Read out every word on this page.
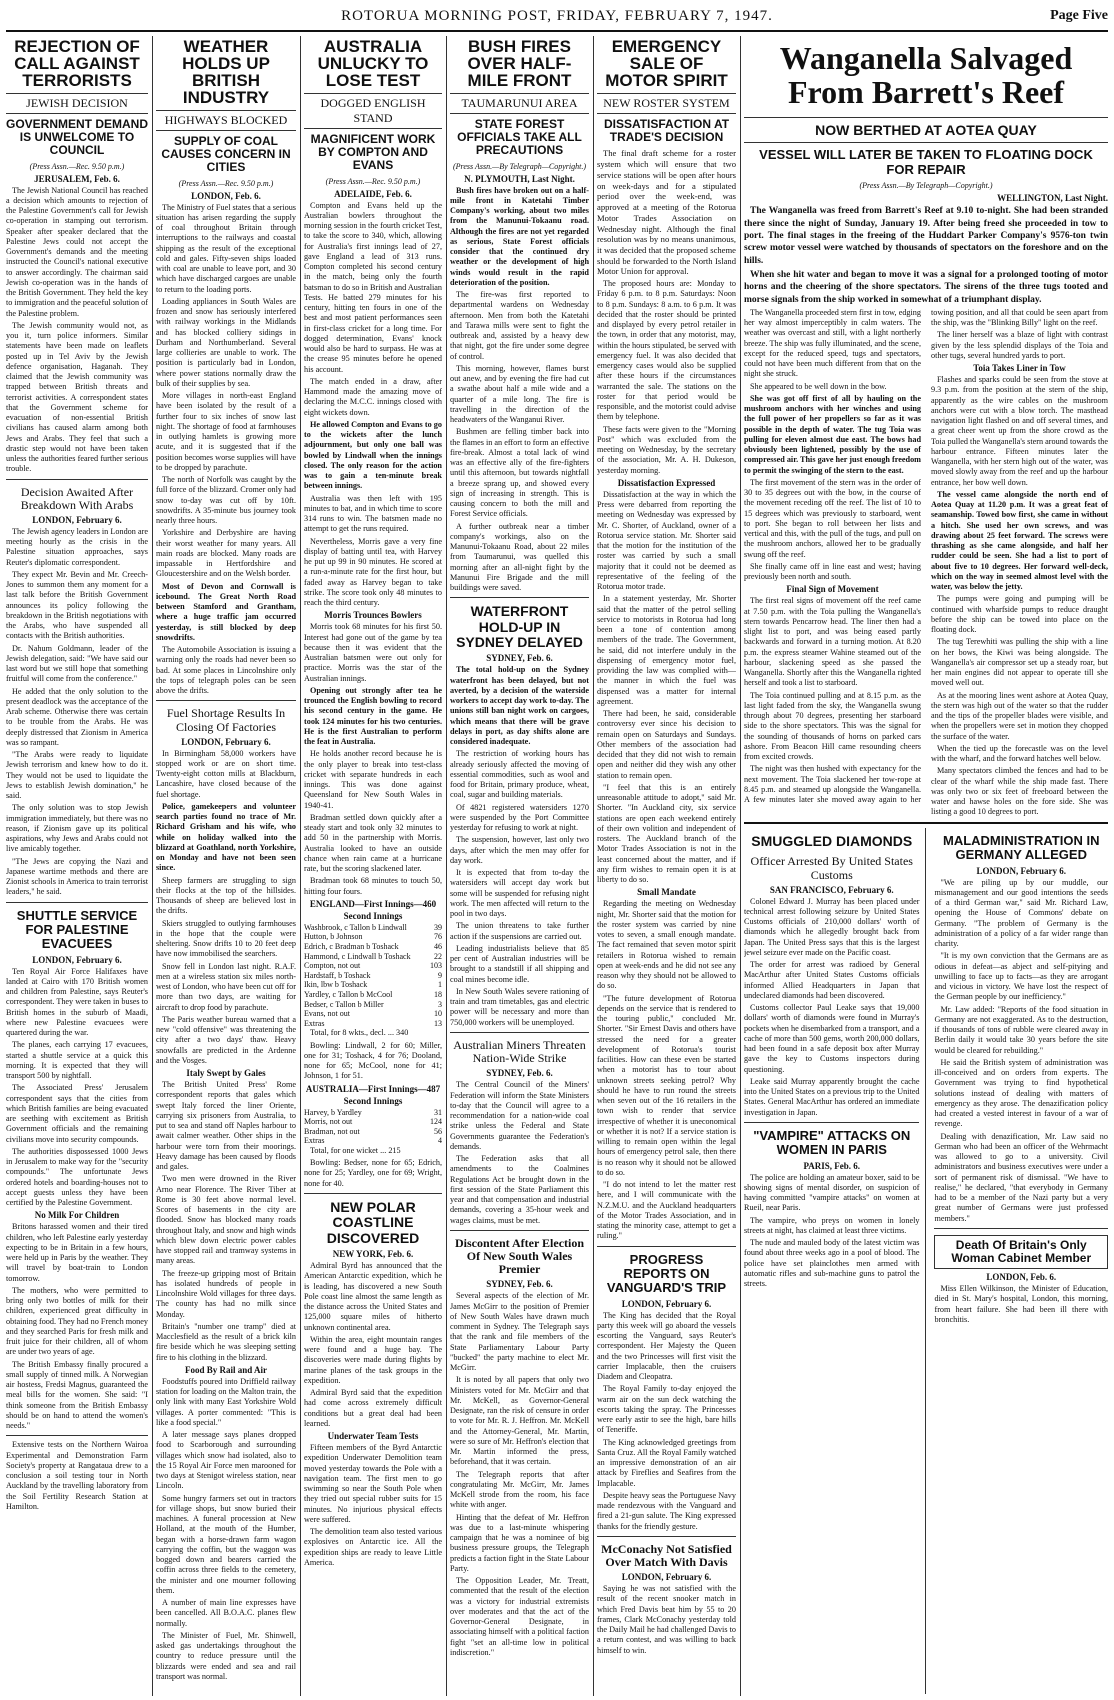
ROTORUA MORNING POST, FRIDAY, FEBRUARY 7, 1947.	Page Five
REJECTION OF CALL AGAINST TERRORISTS
JEWISH DECISION
GOVERNMENT DEMAND IS UNWELCOME TO COUNCIL
(Press Assn.—Rec. 9.50 p.m.)
JERUSALEM, Feb. 6.

The Jewish National Council has reached a decision which amounts to rejection of the Palestine Government's call for Jewish co-operation in stamping out terrorism. Speaker after speaker declared that the Palestine Jews could not accept the Government's demands and the meeting instructed the Council's national executive to answer accordingly. The chairman said Jewish co-operation was in the hands of the British Government. They held the key to immigration and the peaceful solution of the Palestine problem.

The Jewish community would not, as you it, turn police informers. Similar statements have been made on leaflets posted up in Tel Aviv by the Jewish defence organisation, Haganah. They claimed that the Jewish community was trapped between British threats and terrorist activities. A correspondent states that the Government scheme for evacuation of non-essential British civilians has caused alarm among both Jews and Arabs. They feel that such a drastic step would not have been taken unless the authorities feared further serious trouble.

Decision Awaited After Breakdown With Arabs
LONDON, February 6.

The Jewish agency leaders in London are meeting hourly as the crisis in the Palestine situation approaches, says Reuter's diplomatic correspondent.

They expect Mr. Bevin and Mr. Creech-Jones to summon them any moment for a last talk before the British Government announces its policy following the breakdown in the British negotiations with the Arabs, who have suspended all contacts with the British authorities.

Dr. Nahum Goldmann, leader of the Jewish delegation, said: "We have said our last word but we still hope that something fruitful will come from the conference."

He added that the only solution to the present deadlock was the acceptance of the Arab scheme. Otherwise there was certain to be trouble from the Arabs. He was deeply distressed that Zionism in America was so rampant.

"The Arabs were ready to liquidate Jewish terrorism and knew how to do it. They would not be used to liquidate the Jews to establish Jewish domination," he said.

The only solution was to stop Jewish immigration immediately, but there was no reason, if Zionism gave up its political aspirations, why Jews and Arabs could not live amicably together.

"The Jews are copying the Nazi and Japanese wartime methods and there are Zionist schools in America to train terrorist leaders," he said.

SHUTTLE SERVICE FOR PALESTINE EVACUEES
LONDON, February 6.

Ten Royal Air Force Halifaxes have landed at Cairo with 170 British women and children from Palestine, says Reuter's correspondent. They were taken in buses to British homes in the suburb of Maadi, where new Palestine evacuees were quartered during the war.

The planes, each carrying 17 evacuees, started a shuttle service at a quick this morning. It is expected that they will transport 500 by nightfall.

The Associated Press' Jerusalem correspondent says that the cities from which British families are being evacuated are seething with excitement as British Government officials and the remaining civilians move into security compounds.

The authorities dispossessed 1000 Jews in Jerusalem to make way for the "security compounds." The unfortunate Jews ordered hotels and boarding-houses not to accept guests unless they have been certified by the Palestine Government.

No Milk For Children

Britons harassed women and their tired children, who left Palestine early yesterday expecting to be in Britain in a few hours, were held up in Paris by the weather. They will travel by boat-train to London tomorrow.

The mothers, who were permitted to bring only two bottles of milk for their children, experienced great difficulty in obtaining food. They had no French money and they searched Paris for fresh milk and fruit juice for their children, all of whom are under two years of age.

The British Embassy finally procured a small supply of tinned milk. A Norwegian air hostess, Fredsi Magnus, guaranteed the meal bills for the women. She said: "I think someone from the British Embassy should be on hand to attend the women's needs."

Extensive tests on the Northern Wairoa Experimental and Demonstration Farm Society's property at Rangataua drew to a conclusion a soil testing tour in North Auckland by the travelling laboratory from the Soil Fertility Research Station at Hamilton.

WEATHER HOLDS UP BRITISH INDUSTRY
HIGHWAYS BLOCKED
SUPPLY OF COAL CAUSES CONCERN IN CITIES
(Press Assn.—Rec. 9.50 p.m.)
LONDON, Feb. 6.

The Ministry of Fuel states that a serious situation has arisen regarding the supply of coal throughout Britain through interruptions to the railways and coastal shipping as the result of the exceptional cold and gales. Fifty-seven ships loaded with coal are unable to leave port, and 30 which have discharged cargoes are unable to return to the loading ports.

Loading appliances in South Wales are frozen and snow has seriously interfered with railway workings in the Midlands and has blocked colliery sidings in Durham and Northumberland. Several large collieries are unable to work. The position is particularly bad in London, where power stations normally draw the bulk of their supplies by sea.

More villages in north-east England have been isolated by the result of a further four to six inches of snow last night. The shortage of food at farmhouses in outlying hamlets is growing more acute, and it is suggested that if the position becomes worse supplies will have to be dropped by parachute.

The north of Norfolk was caught by the full force of the blizzard. Cromer only had snow to-day was cut off by 10ft. snowdrifts. A 35-minute bus journey took nearly three hours.

Yorkshire and Derbyshire are having their worst weather for many years. All main roads are blocked. Many roads are impassable in Hertfordshire and Gloucestershire and on the Welsh border.

Most of Devon and Cornwall is icebound. The Great North Road between Stamford and Grantham, where a huge traffic jam occurred yesterday, is still blocked by deep snowdrifts.

The Automobile Association is issuing a warning only the roads had never been so bad. At some places in Lincolnshire only the tops of telegraph poles can be seen above the drifts.

Fuel Shortage Results In Closing Of Factories
LONDON, February 6.

In Birmingham 58,000 workers have stopped work or are on short time. Twenty-eight cotton mills at Blackburn, Lancashire, have closed because of the fuel shortage.

Police, gamekeepers and volunteer search parties found no trace of Mr. Richard Grisham and his wife, who while on holiday walked into the blizzard at Goathland, north Yorkshire, on Monday and have not been seen since.

Sheep farmers are struggling to sign their flocks at the top of the hillsides. Thousands of sheep are believed lost in the drifts.

Skiers struggled to outlying farmhouses in the hope that the couple were sheltering. Snow drifts 10 to 20 feet deep have now immobilised the searchers.

Snow fell in London last night. R.A.F. men at a wireless station six miles north-west of London, who have been cut off for more than two days, are waiting for aircraft to drop food by parachute.

The Paris weather bureau warned that a new "cold offensive" was threatening the city after a two days' thaw. Heavy snowfalls are predicted in the Ardenne and the Vosges.

Italy Swept by Gales

The British United Press' Rome correspondent reports that gales which swept Italy forced the liner Oriente, carrying six prisoners from Australia, to put to sea and stand off Naples harbour to await calmer weather. Other ships in the harbour were torn from their moorings. Heavy damage has been caused by floods and gales.

Two men were drowned in the River Arno near Florence. The River Tiber at Rome is 30 feet above normal level. Scores of basements in the city are flooded. Snow has blocked many roads throughout Italy, and snow and high winds which blew down electric power cables have stopped rail and tramway systems in many areas.

The freeze-up gripping most of Britain has isolated hundreds of people in Lincolnshire Wold villages for three days. The county has had no milk since Monday.

Britain's "number one tramp" died at Macclesfield as the result of a brick kiln fire beside which he was sleeping setting fire to his clothing in the blizzard.

Food By Rail and Air

Foodstuffs poured into Driffield railway station for loading on the Malton train, the only link with many East Yorkshire Wold villages. A porter commented: "This is like a food special."

A later message says planes dropped food to Scarborough and surrounding villages which snow had isolated, also to the 15 Royal Air Force men marooned for two days at Stenigot wireless station, near Lincoln.

Some hungry farmers set out in tractors for village shops, but snow buried their machines. A funeral procession at New Holland, at the mouth of the Humber, began with a horse-drawn farm wagon carrying the coffin, but the waggon was bogged down and bearers carried the coffin across three fields to the cemetery, the minister and one mourner following them.

A number of main line expresses have been cancelled. All B.O.A.C. planes flew normally.

The Minister of Fuel, Mr. Shinwell, asked gas undertakings throughout the country to reduce pressure until the blizzards were ended and sea and rail transport was normal.

AUSTRALIA UNLUCKY TO LOSE TEST
DOGGED ENGLISH STAND
MAGNIFICENT WORK BY COMPTON AND EVANS
(Press Assn.—Rec. 9.50 p.m.)
ADELAIDE, Feb. 6.

Compton and Evans held up the Australian bowlers throughout the morning session in the fourth cricket Test, to take the score to 340, which, allowing for Australia's first innings lead of 27, gave England a lead of 313 runs. Compton completed his second century in the match, being only the fourth batsman to do so in British and Australian Tests. He batted 279 minutes for his century, hitting ten fours in one of the best and most patient performances seen in first-class cricket for a long time. For dogged determination, Evans' knock would also be hard to surpass. He was at the crease 95 minutes before he opened his account.

The match ended in a draw, after Hammond made the amazing move of declaring the M.C.C. innings closed with eight wickets down.

He allowed Compton and Evans to go to the wickets after the lunch adjournment, but only one ball was bowled by Lindwall when the innings closed. The only reason for the action was to gain a ten-minute break between innings.

Australia was then left with 195 minutes to bat, and in which time to score 314 runs to win. The batsmen made no attempt to get the runs required.

Nevertheless, Morris gave a very fine display of batting until tea, with Harvey he put up 99 in 90 minutes. He scored at a run-a-minute rate for the first hour, but faded away as Harvey began to take strike. The score took only 48 minutes to reach the third century.

Morris Trounces Bowlers

Morris took 68 minutes for his first 50. Interest had gone out of the game by tea because then it was evident that the Australian batsmen were out only for practice. Morris was the star of the Australian innings.

Opening out strongly after tea he trounced the English bowling to record his second century in the game. He took 124 minutes for his two centuries. He is the first Australian to perform the feat in Australia.

He holds another record because he is the only player to break into test-class cricket with separate hundreds in each innings. This was done against Queensland for New South Wales in 1940-41.

Bradman settled down quickly after a steady start and took only 32 minutes to add 50 in the partnership with Morris. Australia looked to have an outside chance when rain came at a hurricane rate, but the scoring slackened later.

Bradman took 68 minutes to touch 50, hitting four fours.

ENGLAND—First Innings—460
Second Innings
Washbrook, c Tallon b Lindwall	39
Hutton, b Johnson	76
Edrich, c Bradman b Toshack	46
Hammond, c Lindwall b Toshack	22
Compton, not out	103
Hardstaff, b Toshack	9
Ikin, lbw b Toshack	1
Yardley, c Tallon b McCool	18
Bedser, c Tallon b Miller	3
Evans, not out	10
Extras	13

Total, for 8 wkts., decl. ... 340

Bowling: Lindwall, 2 for 60; Miller, one for 31; Toshack, 4 for 76; Dooland, none for 65; McCool, none for 41; Johnson, 1 for 51.

AUSTRALIA—First Innings—487
Second Innings
Harvey, b Yardley	31
Morris, not out	124
Bradman, not out	56
Extras	4

Total, for one wicket ... 215

Bowling: Bedser, none for 65; Edrich, none for 25; Yardley, one for 69; Wright, none for 40.

NEW POLAR COASTLINE DISCOVERED
NEW YORK, Feb. 6.

Admiral Byrd has announced that the American Antarctic expedition, which he is leading, has discovered a new South Pole coast line almost the same length as the distance across the United States and 125,000 square miles of hitherto unknown continental area.

Within the area, eight mountain ranges were found and a huge bay. The discoveries were made during flights by marine planes of the task groups in the expedition.

Admiral Byrd said that the expedition had come across extremely difficult conditions but a great deal had been learned.

Underwater Team Tests

Fifteen members of the Byrd Antarctic expedition Underwater Demolition team moved yesterday towards the Pole with a navigation team. The first men to go swimming so near the South Pole when they tried out special rubber suits for 15 minutes. No injurious physical effects were suffered.

The demolition team also tested various explosives on Antarctic ice. All the expedition ships are ready to leave Little America.

BUSH FIRES OVER HALF-MILE FRONT
TAUMARUNUI AREA
STATE FOREST OFFICIALS TAKE ALL PRECAUTIONS
(Press Assn.—By Telegraph—Copyright.)
N. PLYMOUTH, Last Night.

Bush fires have broken out on a half-mile front in Katetahi Timber Company's working, about two miles from the Manunui-Tokaanu road. Although the fires are not yet regarded as serious, State Forest officials consider that the continued dry weather or the development of high winds would result in the rapid deterioration of the position.

The fire-was first reported to departmental wardens on Wednesday afternoon. Men from both the Katetahi and Tarawa mills were sent to fight the outbreak and, assisted by a heavy dew that night, got the fire under some degree of control.

This morning, however, flames burst out anew, and by evening the fire had cut a swathe about half a mile wide and a quarter of a mile long. The fire is travelling in the direction of the headwaters of the Wanganui River.

Bushmen are felling timber back into the flames in an effort to form an effective fire-break. Almost a total lack of wind was an effective ally of the fire-fighters until this afternoon, but towards nightfall a breeze sprang up, and showed every sign of increasing in strength. This is causing concern to both the mill and Forest Service officials.

A further outbreak near a timber company's workings, also on the Manunui-Tokaanu Road, about 22 miles from Taumarunui, was quelled this morning after an all-night fight by the Manunui Fire Brigade and the mill buildings were saved.

WATERFRONT HOLD-UP IN SYDNEY DELAYED
SYDNEY, Feb. 6.

The total hold-up on the Sydney waterfront has been delayed, but not averted, by a decision of the waterside workers to accept day work to-day. The unions still ban night work on cargoes, which means that there will be grave delays in port, as day shifts alone are considered inadequate.

The restriction of working hours has already seriously affected the moving of essential commodities, such as wool and food for Britain, primary produce, wheat, coal, sugar and building materials.

Of 4821 registered watersiders 1270 were suspended by the Port Committee yesterday for refusing to work at night.

The suspension, however, last only two days, after which the men may offer for day work.

It is expected that from to-day the watersiders will accept day work but some will be suspended for refusing night work. The men affected will return to the pool in two days.

The union threatens to take further action if the suspensions are carried out.

Leading industrialists believe that 85 per cent of Australian industries will be brought to a standstill if all shipping and coal mines become idle.

In New South Wales severe rationing of train and tram timetables, gas and electric power will be necessary and more than 750,000 workers will be unemployed.

Australian Miners Threaten Nation-Wide Strike
SYDNEY, Feb. 6.

The Central Council of the Miners' Federation will inform the State Ministers to-day that the Council will agree to a recommendation for a nation-wide coal strike unless the Federal and State Governments guarantee the Federation's demands.

The Federation asks that all amendments to the Coalmines Regulations Act be brought down in the first session of the State Parliament this year and that compensation and industrial demands, covering a 35-hour week and wages claims, must be met.

Discontent After Election Of New South Wales Premier
SYDNEY, Feb. 6.

Several aspects of the election of Mr. James McGirr to the position of Premier of New South Wales have drawn much comment in Sydney. The Telegraph says that the rank and file members of the State Parliamentary Labour Party "bucked" the party machine to elect Mr. McGirr.

It is noted by all papers that only two Ministers voted for Mr. McGirr and that Mr. McKell, as Governor-General Designate, ran the risk of censure in order to vote for Mr. R. J. Heffron. Mr. McKell and the Attorney-General, Mr. Martin, were so sure of Mr. Heffron's election that Mr. Martin informed the press, beforehand, that it was certain.

The Telegraph reports that after congratulating Mr. McGirr, Mr. James McKell strode from the room, his face white with anger.

Hinting that the defeat of Mr. Heffron was due to a last-minute whispering campaign that he was a nominee of big business pressure groups, the Telegraph predicts a faction fight in the State Labour Party.

The Opposition Leader, Mr. Treatt, commented that the result of the election was a victory for industrial extremists over moderates and that the act of the Governor-General Designate, in associating himself with a political faction fight "set an all-time low in political indiscretion."

EMERGENCY SALE OF MOTOR SPIRIT
NEW ROSTER SYSTEM
DISSATISFACTION AT TRADE'S DECISION

The final draft scheme for a roster system which will ensure that two service stations will be open after hours on week-days and for a stipulated period over the week-end, was approved at a meeting of the Rotorua Motor Trades Association on Wednesday night. Although the final resolution was by no means unanimous, it was decided that the proposed scheme should be forwarded to the North Island Motor Union for approval.

The proposed hours are: Monday to Friday 6 p.m. to 8 p.m. Saturdays: Noon to 8 p.m. Sundays: 8 a.m. to 6 p.m. It was decided that the roster should be printed and displayed by every petrol retailer in the town, in order that any motorist, may, within the hours stipulated, be served with emergency fuel. It was also decided that emergency cases would also be supplied after these hours if the circumstances warranted the sale. The stations on the roster for that period would be responsible, and the motorist could advise them by telephone.

These facts were given to the "Morning Post" which was excluded from the meeting on Wednesday, by the secretary of the association, Mr. A. H. Dukeson, yesterday morning.

Dissatisfaction Expressed

Dissatisfaction at the way in which the Press were debarred from reporting the meeting on Wednesday was expressed by Mr. C. Shorter, of Auckland, owner of a Rotorua service station. Mr. Shorter said that the motion for the institution of the roster was carried by such a small majority that it could not be deemed as representative of the feeling of the Rotorua motor trade.

In a statement yesterday, Mr. Shorter said that the matter of the petrol selling service to motorists in Rotorua had long been a tone of contention among members of the trade. The Government, he said, did not interfere unduly in the dispensing of emergency motor fuel, providing the law was complied with—the manner in which the fuel was dispensed was a matter for internal agreement.

There had been, he said, considerable controversy ever since his decision to remain open on Saturdays and Sundays. Other members of the association had decided that they did not wish to remain open and neither did they wish any other station to remain open.

"I feel that this is an entirely unreasonable attitude to adopt," said Mr. Shorter. "In Auckland city, six service stations are open each weekend entirely of their own volition and independent of rosters. The Auckland branch of the Motor Trades Association is not in the least concerned about the matter, and if any firm wishes to remain open it is at liberty to do so.

Small Mandate

Regarding the meeting on Wednesday night, Mr. Shorter said that the motion for the roster system was carried by nine votes to seven, a small enough mandate. The fact remained that seven motor spirit retailers in Rotorua wished to remain open at week-ends and he did not see any reason why they should not be allowed to do so.

"The future development of Rotorua depends on the service that is rendered to the touring public," concluded Mr. Shorter. "Sir Ernest Davis and others have stressed the need for a greater development of Rotorua's tourist facilities. How can these even be started when a motorist has to tour about unknown streets seeking petrol? Why should he have to run round the streets when seven out of the 16 retailers in the town wish to render that service irrespective of whether it is uneconomical or whether it is not? If a service station is willing to remain open within the legal hours of emergency petrol sale, then there is no reason why it should not be allowed to do so.

"I do not intend to let the matter rest here, and I will communicate with the N.Z.M.U. and the Auckland headquarters of the Motor Trades Association, and in stating the minority case, attempt to get a ruling."

PROGRESS REPORTS ON VANGUARD'S TRIP
LONDON, February 6.

The King has decided that the Royal party this week will go aboard the vessels escorting the Vanguard, says Reuter's correspondent. Her Majesty the Queen and the two Princesses will first visit the carrier Implacable, then the cruisers Diadem and Cleopatra.

The Royal Family to-day enjoyed the warm air on the sun deck watching the escorts taking the spray. The Princesses were early astir to see the high, bare hills of Teneriffe.

The King acknowledged greetings from Santa Cruz. All the Royal Family watched an impressive demonstration of an air attack by Fireflies and Seafires from the Implacable.

Despite heavy seas the Portuguese Navy made rendezvous with the Vanguard and fired a 21-gun salute. The King expressed thanks for the friendly gesture.

McConachy Not Satisfied Over Match With Davis
LONDON, February 6.

Saying he was not satisfied with the result of the recent snooker match in which Fred Davis beat him by 55 to 20 frames, Clark McConachy yesterday told the Daily Mail he had challenged Davis to a return contest, and was willing to back himself to win.

Wanganella Salvaged From Barrett's Reef
NOW BERTHED AT AOTEA QUAY
VESSEL WILL LATER BE TAKEN TO FLOATING DOCK FOR REPAIR
(Press Assn.—By Telegraph—Copyright.)
WELLINGTON, Last Night.

The Wanganella was freed from Barrett's Reef at 9.10 to-night. She had been stranded there since the night of Sunday, January 19. After being freed she proceeded in tow to port. The final stages in the freeing of the Huddart Parker Company's 9576-ton twin screw motor vessel were watched by thousands of spectators on the foreshore and on the hills.

When she hit water and began to move it was a signal for a prolonged tooting of motor horns and the cheering of the shore spectators. The sirens of the three tugs tooted and morse signals from the ship worked in somewhat of a triumphant display.

The Wanganella proceeded stern first in tow, edging her way almost imperceptibly in calm waters. The weather was overcast and still, with a light northerly breeze. The ship was fully illuminated, and the scene, except for the reduced speed, tugs and spectators, could not have been much different from that on the night she struck.

She appeared to be well down in the bow.

She was got off first of all by hauling on the mushroom anchors with her winches and using the full power of her propellers so far as it was possible in the depth of water. The tug Toia was pulling for eleven almost due east. The bows had obviously been lightened, possibly by the use of compressed air. This gave her just enough freedom to permit the swinging of the stern to the east.

The first movement of the stern was in the order of 30 to 35 degrees out with the bow, in the course of the movement receding off the reef. The list of 10 to 15 degrees which was previously to starboard, went to port. She began to roll between her lists and vertical and this, with the pull of the tugs, and pull on the mushroom anchors, allowed her to be gradually swung off the reef.

She finally came off in line east and west; having previously been north and south.

Final Sign of Movement

The first real signs of movement off the reef came at 7.50 p.m. with the Toia pulling the Wanganella's stern towards Pencarrow head. The liner then had a slight list to port, and was being eased partly backwards and forward in a turning motion. At 8.20 p.m. the express steamer Wahine steamed out of the harbour, slackening speed as she passed the Wanganella. Shortly after this the Wanganella righted herself and took a list to starboard.

The Toia continued pulling and at 8.15 p.m. as the last light faded from the sky, the Wanganella swung through about 70 degrees, presenting her starboard side to the shore spectators. This was the signal for the sounding of thousands of horns on parked cars ashore. From Beacon Hill came resounding cheers from excited crowds.

The night was then hushed with expectancy for the next movement. The Toia slackened her tow-rope at 8.45 p.m. and steamed up alongside the Wanganella. A few minutes later she moved away again to her towing position, and all that could be seen apart from the ship, was the "Blinking Billy" light on the reef.

The liner herself was a blaze of light with contrast given by the less splendid displays of the Toia and other tugs, several hundred yards to port.

Toia Takes Liner in Tow

Flashes and sparks could be seen from the stove at 9.3 p.m. from the position at the stern of the ship, apparently as the wire cables on the mushroom anchors were cut with a blow torch. The masthead navigation light flashed on and off several times, and a great cheer went up from the shore crowd as the Toia pulled the Wanganella's stern around towards the harbour entrance. Fifteen minutes later the Wanganella, with her stern high out of the water, was moved slowly away from the reef and up the harbour entrance, her bow well down.

The vessel came alongside the north end of Aotea Quay at 11.20 p.m. It was a great feat of seamanship. Towed bow first, she came in without a hitch. She used her own screws, and was drawing about 25 feet forward. The screws were thrashing as she came alongside, and half her rudder could be seen. She had a list to port of about five to 10 degrees. Her forward well-deck, which on the way in seemed almost level with the water, was below the jetty.

The pumps were going and pumping will be continued with wharfside pumps to reduce draught before the ship can be towed into place on the floating dock.

The tug Terewhiti was pulling the ship with a line on her bows, the Kiwi was being alongside. The Wanganella's air compressor set up a steady roar, but her main engines did not appear to operate till she moved well out.

As at the mooring lines went ashore at Aotea Quay, the stern was high out of the water so that the rudder and the tips of the propeller blades were visible, and when the propellers were set in motion they chopped the surface of the water.

When the tied up the forecastle was on the level with the wharf, and the forward hatches well below.

Many spectators climbed the fences and had to be clear of the wharf while the ship made fast. There was only two or six feet of freeboard between the water and hawse holes on the fore side. She was listing a good 10 degrees to port.

SMUGGLED DIAMONDS
Officer Arrested By United States Customs
SAN FRANCISCO, February 6.

Colonel Edward J. Murray has been placed under technical arrest following seizure by United States Customs officials of 210,000 dollars' worth of diamonds which he allegedly brought back from Japan. The United Press says that this is the largest jewel seizure ever made on the Pacific coast.

The order for arrest was radioed by General MacArthur after United States Customs officials informed Allied Headquarters in Japan that undeclared diamonds had been discovered.

Customs collector Paul Leake says that 19,000 dollars' worth of diamonds were found in Murray's pockets when he disembarked from a transport, and a cache of more than 500 gems, worth 200,000 dollars, had been found in a safe deposit box after Murray gave the key to Customs inspectors during questioning.

Leake said Murray apparently brought the cache into the United States on a previous trip to the United States. General MacArthur has ordered an immediate investigation in Japan.

"VAMPIRE" ATTACKS ON WOMEN IN PARIS
PARIS, Feb. 6.

The police are holding an amateur boxer, said to be showing signs of mental disorder, on suspicion of having committed "vampire attacks" on women at Rueil, near Paris.

The vampire, who preys on women in lonely streets at night, has claimed at least three victims.

The nude and mauled body of the latest victim was found about three weeks ago in a pool of blood. The police have set plainclothes men armed with automatic rifles and sub-machine guns to patrol the streets.

MALADMINISTRATION IN GERMANY ALLEGED
LONDON, February 6.

"We are piling up by our muddle, our mismanagement and our good intentions the seeds of a third German war," said Mr. Richard Law, opening the House of Commons' debate on Germany. "The problem of Germany is the administration of a policy of a far wider range than charity.

"It is my own conviction that the Germans are as odious in defeat—as abject and self-pitying and unwilling to face up to facts—as they are arrogant and vicious in victory. We have lost the respect of the German people by our inefficiency."

Mr. Law added: "Reports of the food situation in Germany are not exaggerated. As to the destruction, if thousands of tons of rubble were cleared away in Berlin daily it would take 30 years before the site would be cleared for rebuilding."

He said the British system of administration was ill-conceived and on orders from experts. The Government was trying to find hypothetical solutions instead of dealing with matters of emergency as they arose. The denazification policy had created a vested interest in favour of a war of revenge.

Dealing with denazification, Mr. Law said no German who had been an officer of the Wehrmacht was allowed to go to a university. Civil administrators and business executives were under a sort of permanent risk of dismissal. "We have to realise," he declared, "that everybody in Germany had to be a member of the Nazi party but a very great number of Germans were just professed members."

Death Of Britain's Only Woman Cabinet Member
LONDON, Feb. 6.

Miss Ellen Wilkinson, the Minister of Education, died in St. Mary's hospital, London, this morning, from heart failure. She had been ill there with bronchitis.
